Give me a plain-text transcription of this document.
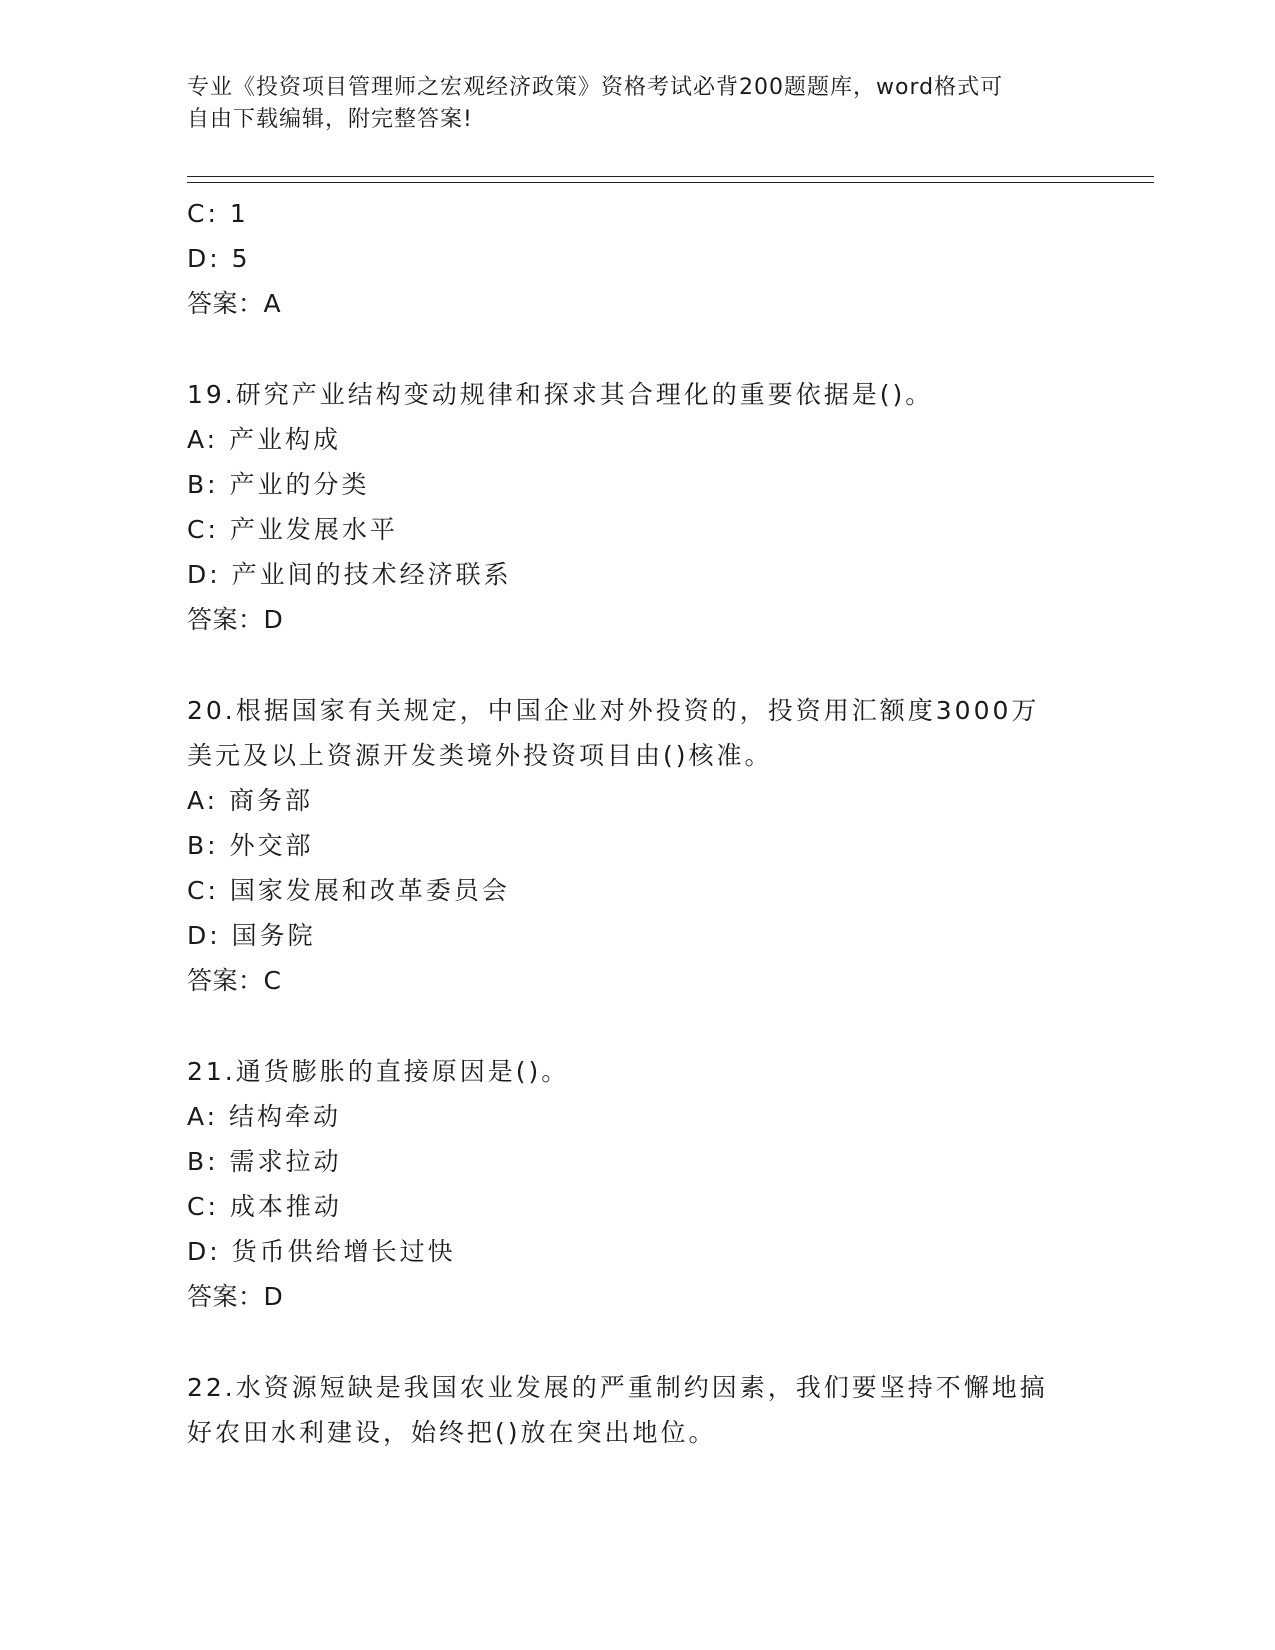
专业《投资项目管理师之宏观经济政策》资格考试必背200题题库，word格式可
自由下载编辑，附完整答案!
C: 1
D: 5
答案：A
19.研究产业结构变动规律和探求其合理化的重要依据是()。
A: 产业构成
B: 产业的分类
C: 产业发展水平
D: 产业间的技术经济联系
答案：D
20.根据国家有关规定，中国企业对外投资的，投资用汇额度3000万
美元及以上资源开发类境外投资项目由()核准。
A: 商务部
B: 外交部
C: 国家发展和改革委员会
D: 国务院
答案：C
21.通货膨胀的直接原因是()。
A: 结构牵动
B: 需求拉动
C: 成本推动
D: 货币供给增长过快
答案：D
22.水资源短缺是我国农业发展的严重制约因素，我们要坚持不懈地搞
好农田水利建设，始终把()放在突出地位。
